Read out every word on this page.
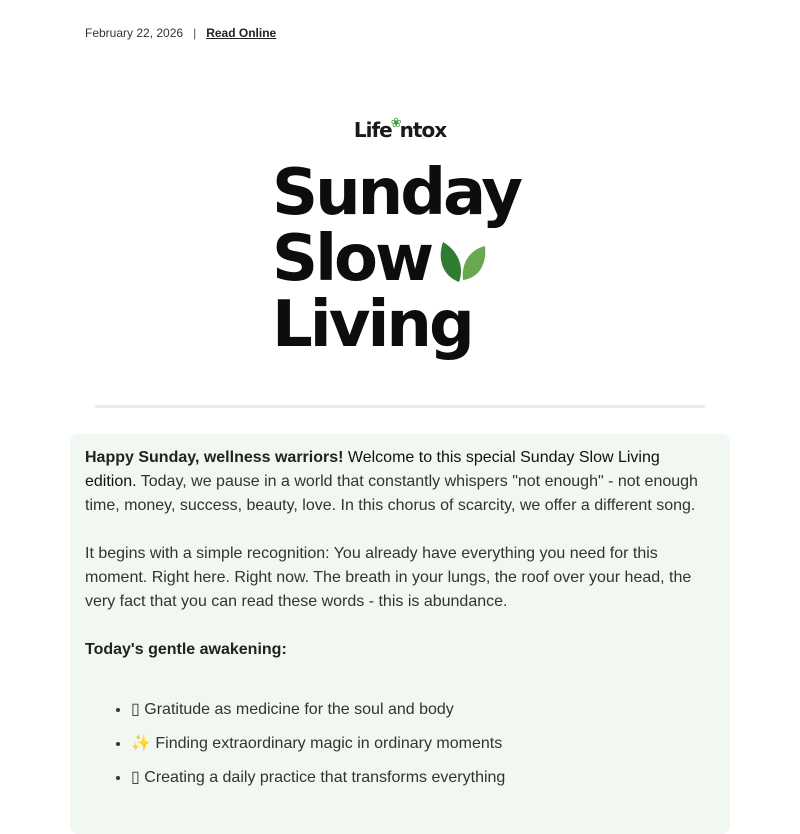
February 22, 2026 | Read Online
Life❀ntox
Sunday
Slow
Living

Happy Sunday, wellness warriors! Welcome to this special Sunday Slow Living edition. Today, we pause in a world that constantly whispers "not enough" - not enough time, money, success, beauty, love. In this chorus of scarcity, we offer a different song.

It begins with a simple recognition: You already have everything you need for this moment. Right here. Right now. The breath in your lungs, the roof over your head, the very fact that you can read these words - this is abundance.

Today's gentle awakening:
• ▯ Gratitude as medicine for the soul and body
• ✨ Finding extraordinary magic in ordinary moments
• ▯ Creating a daily practice that transforms everything
